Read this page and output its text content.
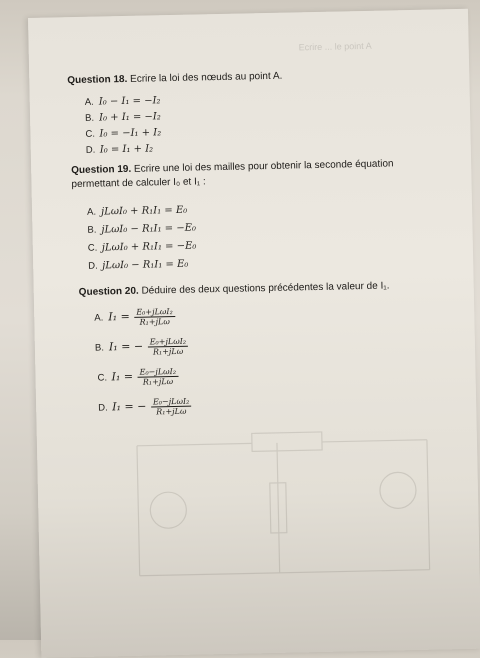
Ecrire ... le point A
Question 18. Ecrire la loi des nœuds au point A.
A. I₀ − I₁ = −I₂
B. I₀ + I₁ = −I₂
C. I₀ = −I₁ + I₂
D. I₀ = I₁ + I₂
Question 19. Ecrire une loi des mailles pour obtenir la seconde équation
permettant de calculer I₀ et I₁ :
A. jLωI₀ + R₁I₁ = E₀
B. jLωI₀ − R₁I₁ = −E₀
C. jLωI₀ + R₁I₁ = −E₀
D. jLωI₀ − R₁I₁ = E₀
Question 20. Déduire des deux questions précédentes la valeur de I₁.
A. $I_1 = \frac{\text{E₀+jLωI₂}}{\text{R₁+jLω}}$
B. I₁ = − $\frac{\text{E₀+jLωI₂}}{\text{R₁+jLω}}$
C. $I_1 = \frac{\text{E₀−jLωI₂}}{\text{R₁+jLω}}$
D. I₁ = − $\frac{\text{E₀−jLωI₂}}{\text{R₁+jLω}}$
